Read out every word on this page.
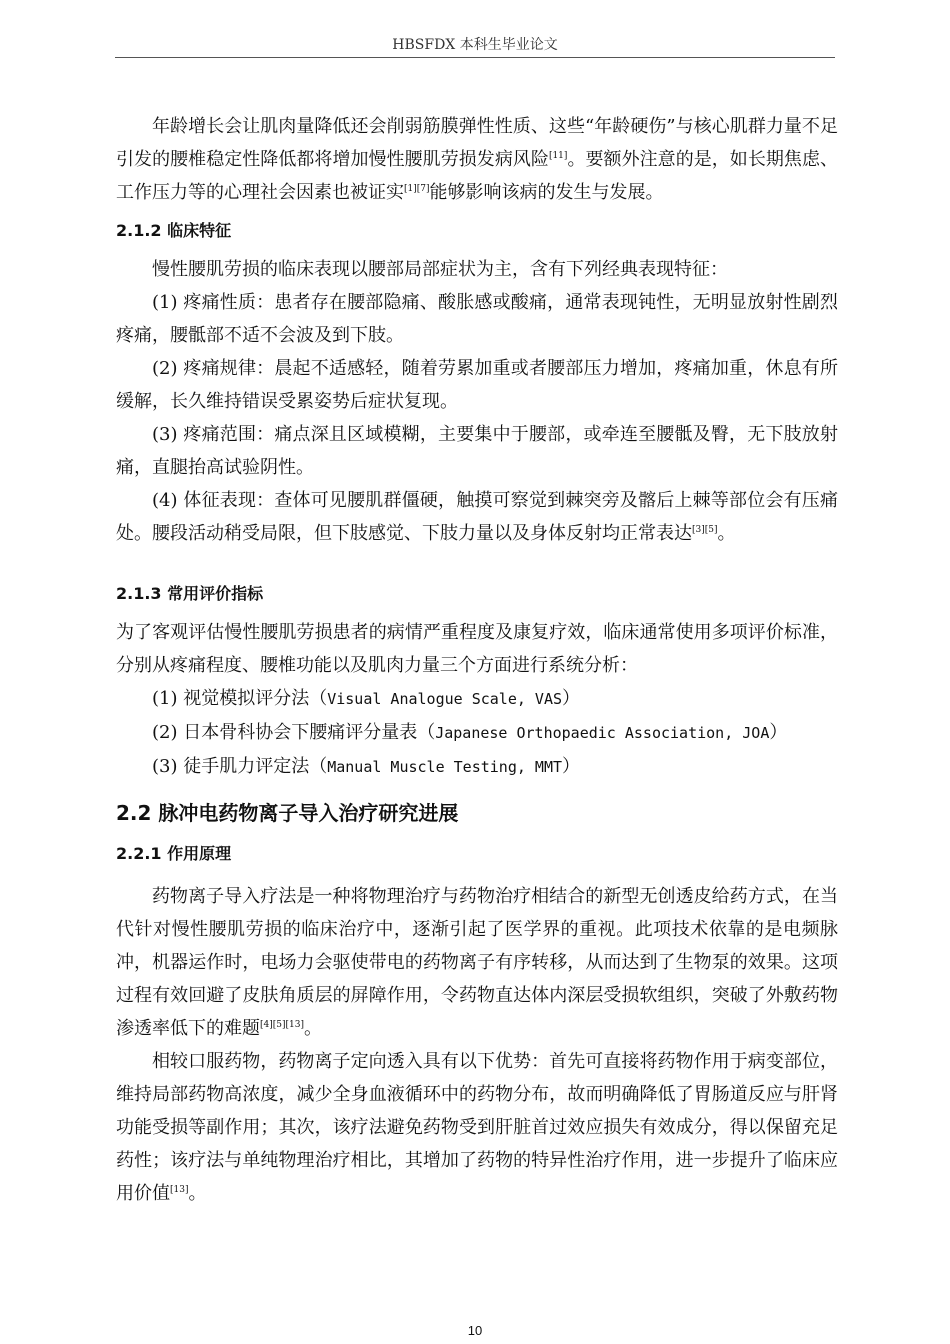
HBSFDX 本科生毕业论文

年龄增长会让肌肉量降低还会削弱筋膜弹性性质、这些“年龄硬伤”与核心肌群力量不足引发的腰椎稳定性降低都将增加慢性腰肌劳损发病风险[11]。要额外注意的是，如长期焦虑、工作压力等的心理社会因素也被证实[1][7]能够影响该病的发生与发展。

2.1.2 临床特征

慢性腰肌劳损的临床表现以腰部局部症状为主，含有下列经典表现特征：

(1) 疼痛性质：患者存在腰部隐痛、酸胀感或酸痛，通常表现钝性，无明显放射性剧烈疼痛，腰骶部不适不会波及到下肢。

(2) 疼痛规律：晨起不适感轻，随着劳累加重或者腰部压力增加，疼痛加重，休息有所缓解，长久维持错误受累姿势后症状复现。

(3) 疼痛范围：痛点深且区域模糊，主要集中于腰部，或牵连至腰骶及臀，无下肢放射痛，直腿抬高试验阴性。

(4) 体征表现：查体可见腰肌群僵硬，触摸可察觉到棘突旁及髂后上棘等部位会有压痛处。腰段活动稍受局限，但下肢感觉、下肢力量以及身体反射均正常表达[3][5]。

2.1.3 常用评价指标

为了客观评估慢性腰肌劳损患者的病情严重程度及康复疗效，临床通常使用多项评价标准，分别从疼痛程度、腰椎功能以及肌肉力量三个方面进行系统分析：

(1) 视觉模拟评分法（Visual Analogue Scale, VAS）

(2) 日本骨科协会下腰痛评分量表（Japanese Orthopaedic Association, JOA）

(3) 徒手肌力评定法（Manual Muscle Testing, MMT）

2.2 脉冲电药物离子导入治疗研究进展
2.2.1 作用原理

药物离子导入疗法是一种将物理治疗与药物治疗相结合的新型无创透皮给药方式，在当代针对慢性腰肌劳损的临床治疗中，逐渐引起了医学界的重视。此项技术依靠的是电频脉冲，机器运作时，电场力会驱使带电的药物离子有序转移，从而达到了生物泵的效果。这项过程有效回避了皮肤角质层的屏障作用，令药物直达体内深层受损软组织，突破了外敷药物渗透率低下的难题[4][5][13]。

相较口服药物，药物离子定向透入具有以下优势：首先可直接将药物作用于病变部位，维持局部药物高浓度，减少全身血液循环中的药物分布，故而明确降低了胃肠道反应与肝肾功能受损等副作用；其次，该疗法避免药物受到肝脏首过效应损失有效成分，得以保留充足药性；该疗法与单纯物理治疗相比，其增加了药物的特异性治疗作用，进一步提升了临床应用价值[13]。

10
